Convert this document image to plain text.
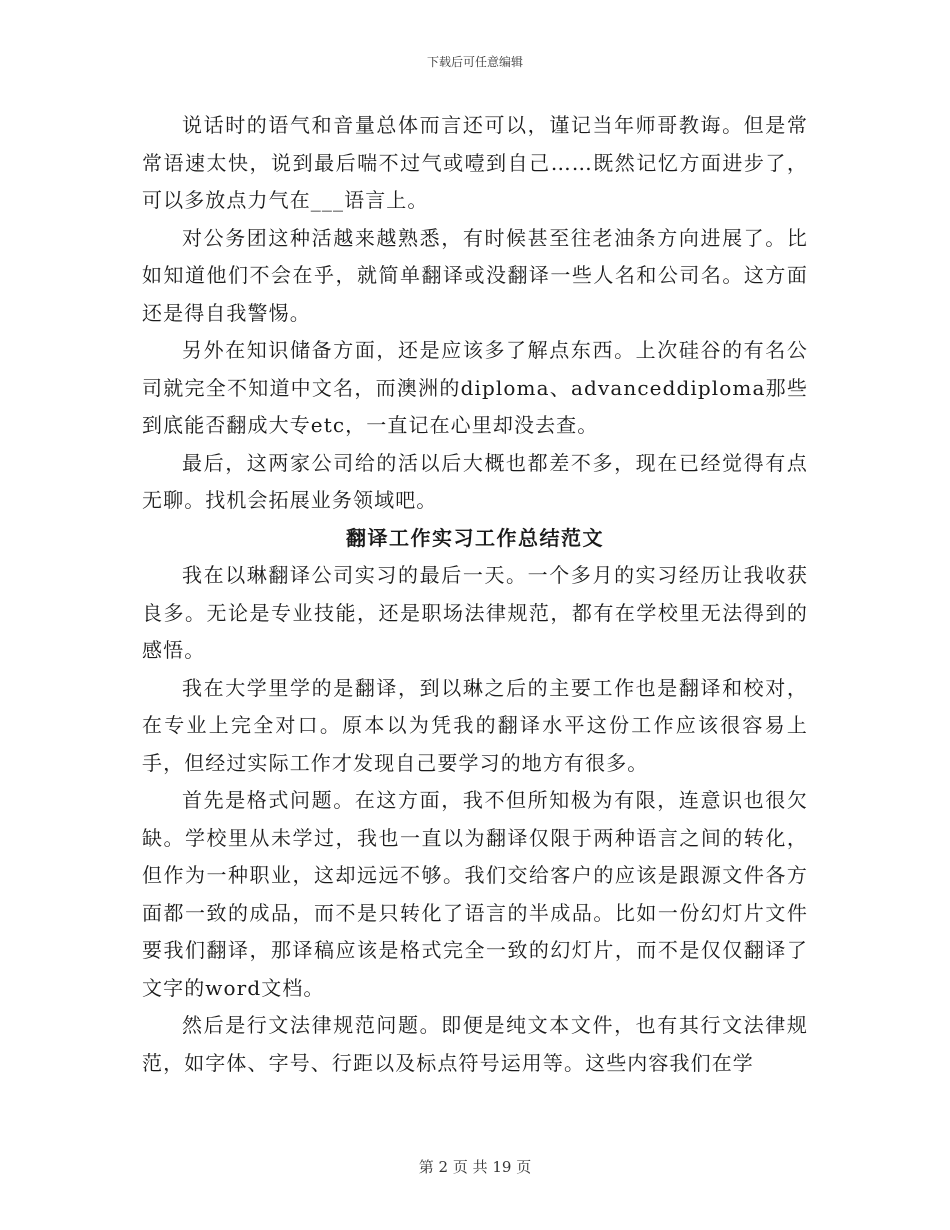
下载后可任意编辑

说话时的语气和音量总体而言还可以，谨记当年师哥教诲。但是常常语速太快，说到最后喘不过气或噎到自己……既然记忆方面进步了，可以多放点力气在___语言上。

对公务团这种活越来越熟悉，有时候甚至往老油条方向进展了。比如知道他们不会在乎，就简单翻译或没翻译一些人名和公司名。这方面还是得自我警惕。

另外在知识储备方面，还是应该多了解点东西。上次硅谷的有名公司就完全不知道中文名，而澳洲的diploma、advanceddiploma那些到底能否翻成大专etc，一直记在心里却没去查。

最后，这两家公司给的活以后大概也都差不多，现在已经觉得有点无聊。找机会拓展业务领域吧。

翻译工作实习工作总结范文

我在以琳翻译公司实习的最后一天。一个多月的实习经历让我收获良多。无论是专业技能，还是职场法律规范，都有在学校里无法得到的感悟。

我在大学里学的是翻译，到以琳之后的主要工作也是翻译和校对，在专业上完全对口。原本以为凭我的翻译水平这份工作应该很容易上手，但经过实际工作才发现自己要学习的地方有很多。

首先是格式问题。在这方面，我不但所知极为有限，连意识也很欠缺。学校里从未学过，我也一直以为翻译仅限于两种语言之间的转化，但作为一种职业，这却远远不够。我们交给客户的应该是跟源文件各方面都一致的成品，而不是只转化了语言的半成品。比如一份幻灯片文件要我们翻译，那译稿应该是格式完全一致的幻灯片，而不是仅仅翻译了文字的word文档。

然后是行文法律规范问题。即便是纯文本文件，也有其行文法律规范，如字体、字号、行距以及标点符号运用等。这些内容我们在学

第 2 页 共 19 页
